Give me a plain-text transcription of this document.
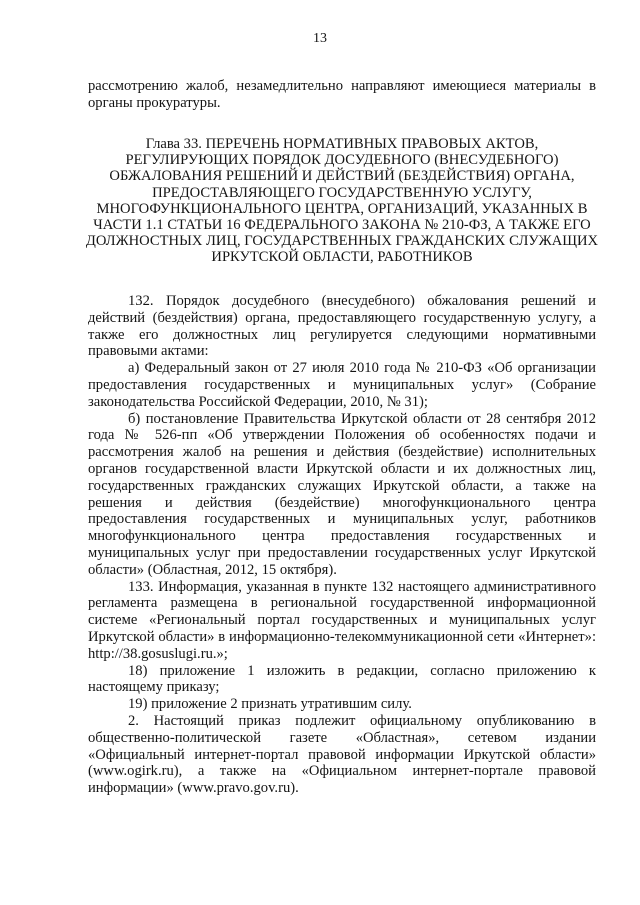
13

рассмотрению жалоб, незамедлительно направляют имеющиеся материалы в органы прокуратуры.

Глава 33. ПЕРЕЧЕНЬ НОРМАТИВНЫХ ПРАВОВЫХ АКТОВ, РЕГУЛИРУЮЩИХ ПОРЯДОК ДОСУДЕБНОГО (ВНЕСУДЕБНОГО) ОБЖАЛОВАНИЯ РЕШЕНИЙ И ДЕЙСТВИЙ (БЕЗДЕЙСТВИЯ) ОРГАНА, ПРЕДОСТАВЛЯЮЩЕГО ГОСУДАРСТВЕННУЮ УСЛУГУ, МНОГОФУНКЦИОНАЛЬНОГО ЦЕНТРА, ОРГАНИЗАЦИЙ, УКАЗАННЫХ В ЧАСТИ 1.1 СТАТЬИ 16 ФЕДЕРАЛЬНОГО ЗАКОНА № 210-ФЗ, А ТАКЖЕ ЕГО ДОЛЖНОСТНЫХ ЛИЦ, ГОСУДАРСТВЕННЫХ ГРАЖДАНСКИХ СЛУЖАЩИХ ИРКУТСКОЙ ОБЛАСТИ, РАБОТНИКОВ

132. Порядок досудебного (внесудебного) обжалования решений и действий (бездействия) органа, предоставляющего государственную услугу, а также его должностных лиц регулируется следующими нормативными правовыми актами:

а) Федеральный закон от 27 июля 2010 года № 210-ФЗ «Об организации предоставления государственных и муниципальных услуг» (Собрание законодательства Российской Федерации, 2010, № 31);

б) постановление Правительства Иркутской области от 28 сентября 2012 года № 526-пп «Об утверждении Положения об особенностях подачи и рассмотрения жалоб на решения и действия (бездействие) исполнительных органов государственной власти Иркутской области и их должностных лиц, государственных гражданских служащих Иркутской области, а также на решения и действия (бездействие) многофункционального центра предоставления государственных и муниципальных услуг, работников многофункционального центра предоставления государственных и муниципальных услуг при предоставлении государственных услуг Иркутской области» (Областная, 2012, 15 октября).

133. Информация, указанная в пункте 132 настоящего административного регламента размещена в региональной государственной информационной системе «Региональный портал государственных и муниципальных услуг Иркутской области» в информационно-телекоммуникационной сети «Интернет»: http://38.gosuslugi.ru.»;

18) приложение 1 изложить в редакции, согласно приложению к настоящему приказу;

19) приложение 2 признать утратившим силу.

2. Настоящий приказ подлежит официальному опубликованию в общественно-политической газете «Областная», сетевом издании «Официальный интернет-портал правовой информации Иркутской области» (www.ogirk.ru), а также на «Официальном интернет-портале правовой информации» (www.pravo.gov.ru).
